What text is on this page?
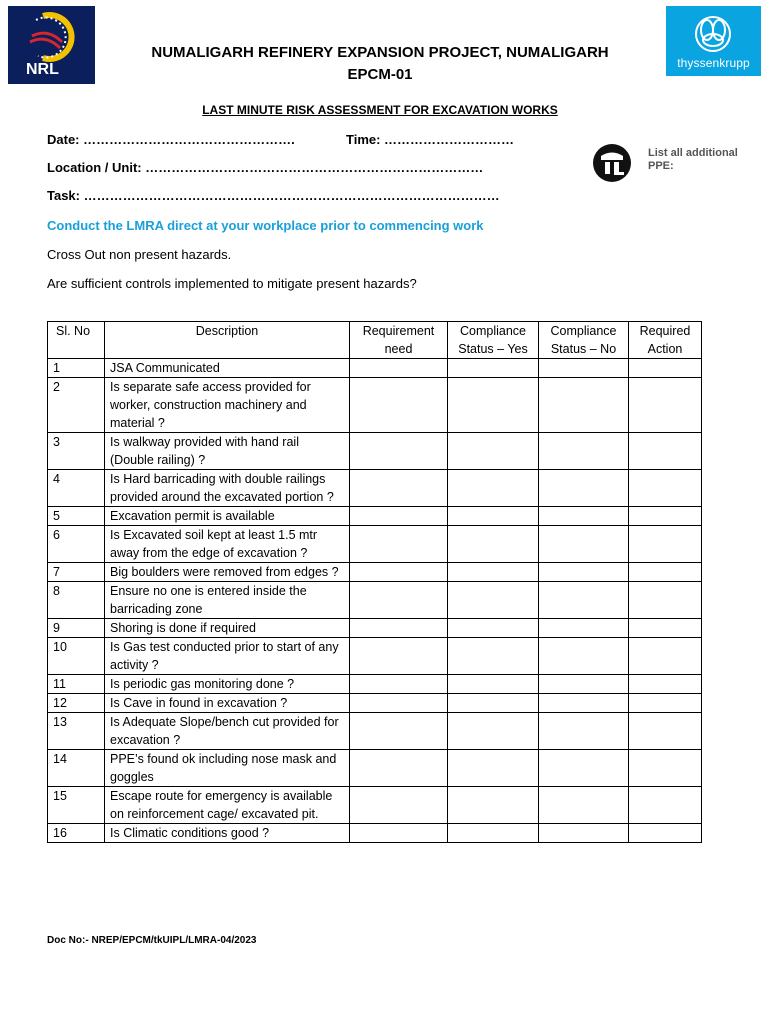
NRL	thyssenkrupp
NUMALIGARH REFINERY EXPANSION PROJECT, NUMALIGARH
EPCM-01
LAST MINUTE RISK ASSESSMENT FOR EXCAVATION WORKS
Date: ………………………………………….	Time: …………………………
Location / Unit: ……………………………………………………………………
Task: ……………………………………………………………………………………
List all additional PPE:
Conduct the LMRA direct at your workplace prior to commencing work
Cross Out non present hazards.
Are sufficient controls implemented to mitigate present hazards?
Sl. No	Description	Requirement need	Compliance Status – Yes	Compliance Status – No	Required Action
1	JSA Communicated				
2	Is separate safe access provided for worker, construction machinery and material ?				
3	Is walkway provided with hand rail (Double railing) ?				
4	Is Hard barricading with double railings provided around the excavated portion ?				
5	Excavation permit is available				
6	Is Excavated soil kept at least 1.5 mtr away from the edge of excavation ?				
7	Big boulders were removed from edges ?				
8	Ensure no one is entered inside the barricading zone				
9	Shoring is done if required				
10	Is Gas test conducted prior to start of any activity ?				
11	Is periodic gas monitoring done ?				
12	Is Cave in found in excavation ?				
13	Is Adequate Slope/bench cut provided for excavation ?				
14	PPE’s found ok including nose mask and goggles				
15	Escape route for emergency is available on reinforcement cage/ excavated pit.				
16	Is Climatic conditions good ?				
Doc No:- NREP/EPCM/tkUIPL/LMRA-04/2023
